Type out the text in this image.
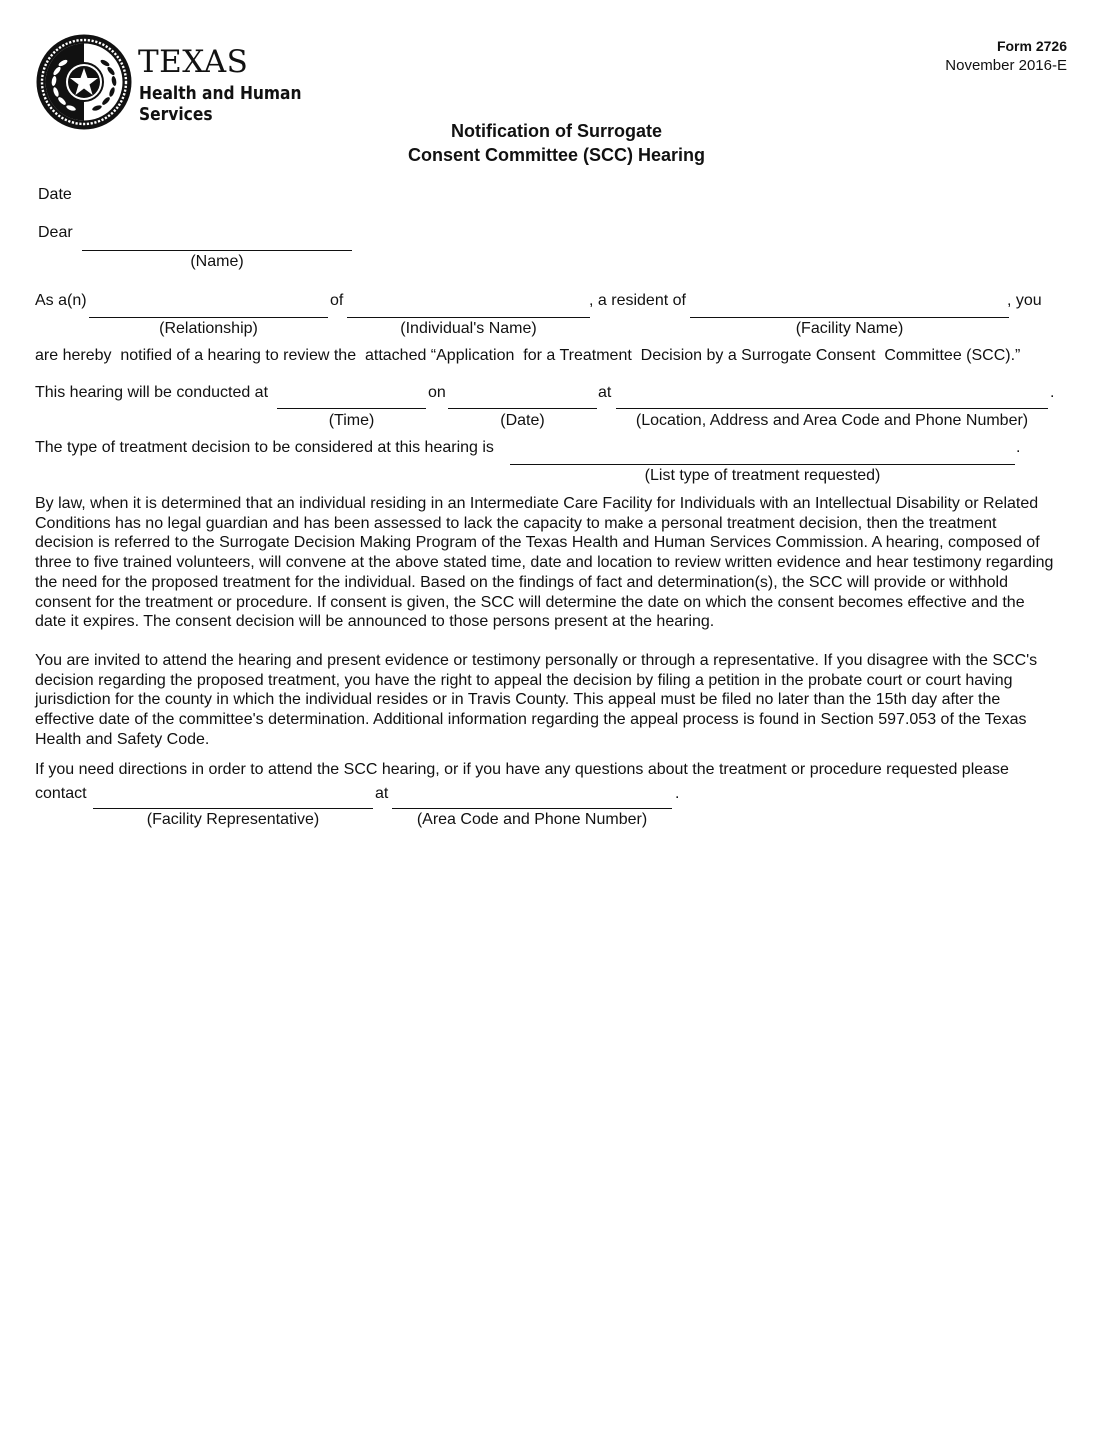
TEXAS
Health and Human
Services
Form 2726
November 2016-E
Notification of Surrogate
Consent Committee (SCC) Hearing
Date
Dear
(Name)
As a(n)	of	, a resident of	, you
(Relationship)	(Individual's Name)	(Facility Name)
are hereby  notified of a hearing to review the  attached “Application  for a Treatment  Decision by a Surrogate Consent  Committee (SCC).”
This hearing will be conducted at	on	at	.
(Time)	(Date)	(Location, Address and Area Code and Phone Number)
The type of treatment decision to be considered at this hearing is	.
(List type of treatment requested)
By law, when it is determined that an individual residing in an Intermediate Care Facility for Individuals with an Intellectual Disability or Related
Conditions has no legal guardian and has been assessed to lack the capacity to make a personal treatment decision, then the treatment
decision is referred to the Surrogate Decision Making Program of the Texas Health and Human Services Commission. A hearing, composed of
three to five trained volunteers, will convene at the above stated time, date and location to review written evidence and hear testimony regarding
the need for the proposed treatment for the individual. Based on the findings of fact and determination(s), the SCC will provide or withhold
consent for the treatment or procedure. If consent is given, the SCC will determine the date on which the consent becomes effective and the
date it expires. The consent decision will be announced to those persons present at the hearing.
You are invited to attend the hearing and present evidence or testimony personally or through a representative. If you disagree with the SCC's
decision regarding the proposed treatment, you have the right to appeal the decision by filing a petition in the probate court or court having
jurisdiction for the county in which the individual resides or in Travis County. This appeal must be filed no later than the 15th day after the
effective date of the committee's determination. Additional information regarding the appeal process is found in Section 597.053 of the Texas
Health and Safety Code.
If you need directions in order to attend the SCC hearing, or if you have any questions about the treatment or procedure requested please
contact	at	.
(Facility Representative)	(Area Code and Phone Number)
